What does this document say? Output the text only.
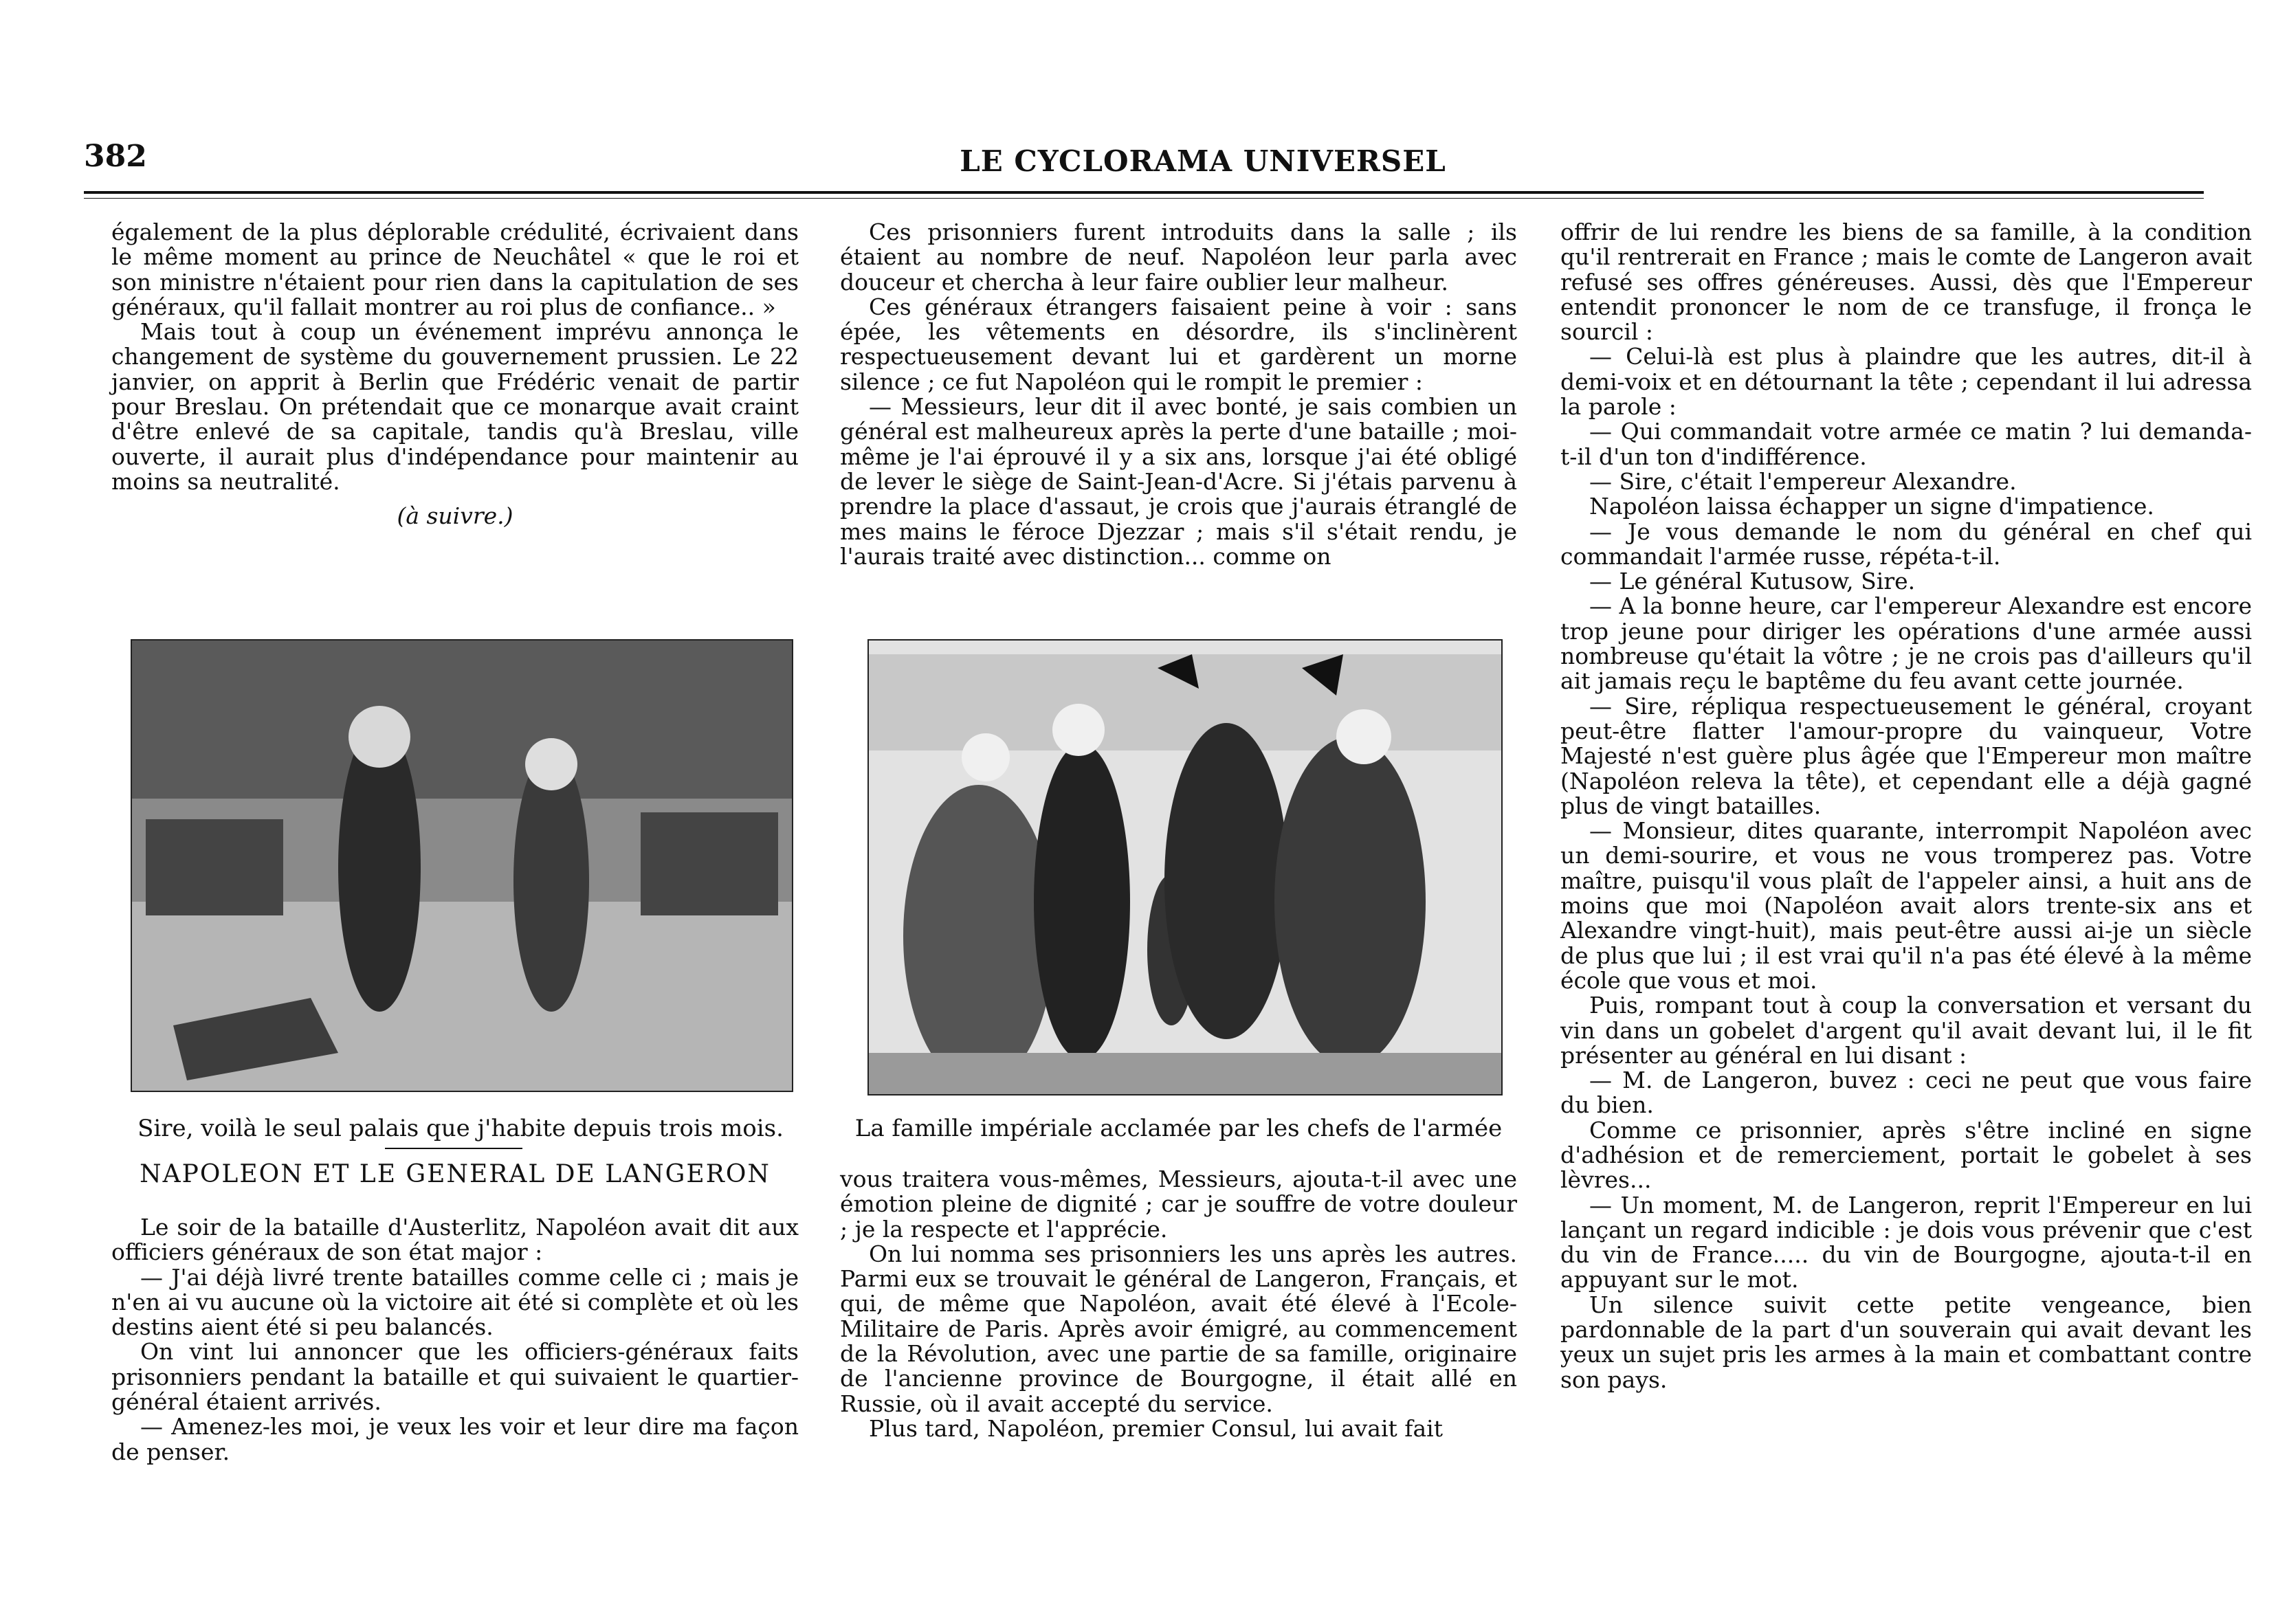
382	LE CYCLORAMA UNIVERSEL

également de la plus déplorable crédulité, écrivaient dans le même moment au prince de Neuchâtel « que le roi et son ministre n'étaient pour rien dans la capitulation de ses généraux, qu'il fallait montrer au roi plus de confiance.. »

Mais tout à coup un événement imprévu annonça le changement de système du gouvernement prussien. Le 22 janvier, on apprit à Berlin que Frédéric venait de partir pour Breslau. On prétendait que ce monarque avait craint d'être enlevé de sa capitale, tandis qu'à Breslau, ville ouverte, il aurait plus d'indépendance pour maintenir au moins sa neutralité.

(à suivre.)

Sire, voilà le seul palais que j'habite depuis trois mois.
NAPOLEON ET LE GENERAL DE LANGERON

Le soir de la bataille d'Austerlitz, Napoléon avait dit aux officiers généraux de son état major :

— J'ai déjà livré trente batailles comme celle ci ; mais je n'en ai vu aucune où la victoire ait été si complète et où les destins aient été si peu balancés.

On vint lui annoncer que les officiers-généraux faits prisonniers pendant la bataille et qui suivaient le quartier-général étaient arrivés.

— Amenez-les moi, je veux les voir et leur dire ma façon de penser.

Ces prisonniers furent introduits dans la salle ; ils étaient au nombre de neuf. Napoléon leur parla avec douceur et chercha à leur faire oublier leur malheur.

Ces généraux étrangers faisaient peine à voir : sans épée, les vêtements en désordre, ils s'inclinèrent respectueusement devant lui et gardèrent un morne silence ; ce fut Napoléon qui le rompit le premier :

— Messieurs, leur dit il avec bonté, je sais combien un général est malheureux après la perte d'une bataille ; moi-même je l'ai éprouvé il y a six ans, lorsque j'ai été obligé de lever le siège de Saint-Jean-d'Acre. Si j'étais parvenu à prendre la place d'assaut, je crois que j'aurais étranglé de mes mains le féroce Djezzar ; mais s'il s'était rendu, je l'aurais traité avec distinction... comme on

La famille impériale acclamée par les chefs de l'armée

vous traitera vous-mêmes, Messieurs, ajouta-t-il avec une émotion pleine de dignité ; car je souffre de votre douleur ; je la respecte et l'apprécie.

On lui nomma ses prisonniers les uns après les autres. Parmi eux se trouvait le général de Langeron, Français, et qui, de même que Napoléon, avait été élevé à l'Ecole-Militaire de Paris. Après avoir émigré, au commencement de la Révolution, avec une partie de sa famille, originaire de l'ancienne province de Bourgogne, il était allé en Russie, où il avait accepté du service.

Plus tard, Napoléon, premier Consul, lui avait fait

offrir de lui rendre les biens de sa famille, à la condition qu'il rentrerait en France ; mais le comte de Langeron avait refusé ses offres généreuses. Aussi, dès que l'Empereur entendit prononcer le nom de ce transfuge, il fronça le sourcil :

— Celui-là est plus à plaindre que les autres, dit-il à demi-voix et en détournant la tête ; cependant il lui adressa la parole :

— Qui commandait votre armée ce matin ? lui demanda-t-il d'un ton d'indifférence.

— Sire, c'était l'empereur Alexandre.

Napoléon laissa échapper un signe d'impatience.

— Je vous demande le nom du général en chef qui commandait l'armée russe, répéta-t-il.

— Le général Kutusow, Sire.

— A la bonne heure, car l'empereur Alexandre est encore trop jeune pour diriger les opérations d'une armée aussi nombreuse qu'était la vôtre ; je ne crois pas d'ailleurs qu'il ait jamais reçu le baptême du feu avant cette journée.

— Sire, répliqua respectueusement le général, croyant peut-être flatter l'amour-propre du vainqueur, Votre Majesté n'est guère plus âgée que l'Empereur mon maître (Napoléon releva la tête), et cependant elle a déjà gagné plus de vingt batailles.

— Monsieur, dites quarante, interrompit Napoléon avec un demi-sourire, et vous ne vous tromperez pas. Votre maître, puisqu'il vous plaît de l'appeler ainsi, a huit ans de moins que moi (Napoléon avait alors trente-six ans et Alexandre vingt-huit), mais peut-être aussi ai-je un siècle de plus que lui ; il est vrai qu'il n'a pas été élevé à la même école que vous et moi.

Puis, rompant tout à coup la conversation et versant du vin dans un gobelet d'argent qu'il avait devant lui, il le fit présenter au général en lui disant :

— M. de Langeron, buvez : ceci ne peut que vous faire du bien.

Comme ce prisonnier, après s'être incliné en signe d'adhésion et de remerciement, portait le gobelet à ses lèvres...

— Un moment, M. de Langeron, reprit l'Empereur en lui lançant un regard indicible : je dois vous prévenir que c'est du vin de France..... du vin de Bourgogne, ajouta-t-il en appuyant sur le mot.

Un silence suivit cette petite vengeance, bien pardonnable de la part d'un souverain qui avait devant les yeux un sujet pris les armes à la main et combattant contre son pays.
